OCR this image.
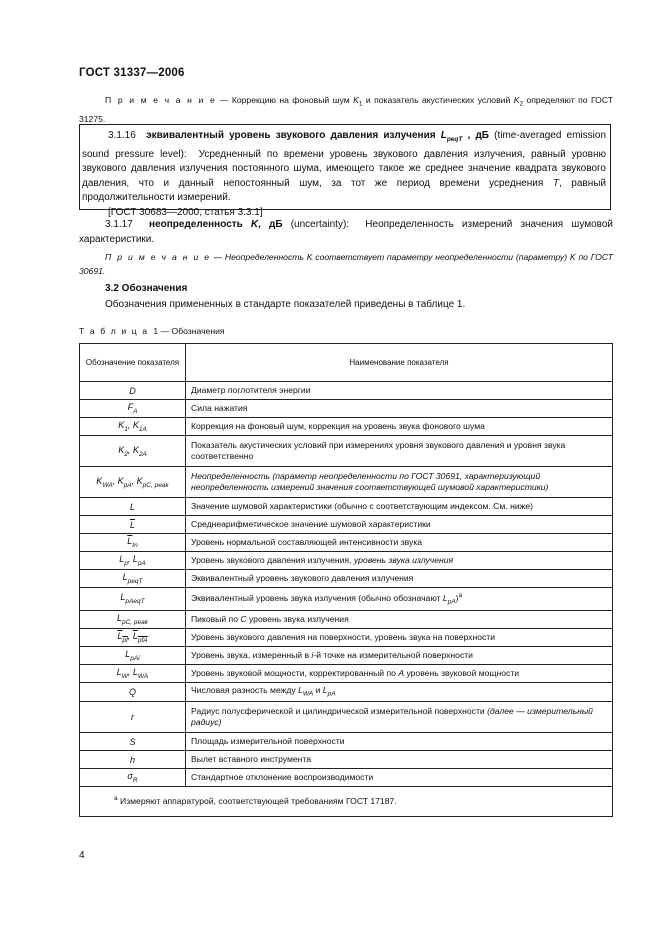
ГОСТ 31337—2006
П р и м е ч а н и е — Коррекцию на фоновый шум $K_1$ и показатель акустических условий $K_2$ определяют по ГОСТ 31275.
3.1.16 эквивалентный уровень звукового давления излучения $L_{peqT}$ , дБ (time-averaged emission sound pressure level):  Усредненный по времени уровень звукового давления излучения, равный уровню звукового давления излучения постоянного шума, имеющего такое же среднее значение квадрата звукового давления, что и данный непостоянный шум, за тот же период времени усреднения T, равный продолжительности измерений.
[ГОСТ 30683—2000, статья 3.3.1]
3.1.17  неопределенность K, дБ (uncertainty):  Неопределенность измерений значения шумовой характеристики.
П р и м е ч а н и е — Неопределенность K соответствует параметру неопределенности (параметру) K по ГОСТ 30691.
3.2 Обозначения
Обозначения примененных в стандарте показателей приведены в таблице 1.
Т а б л и ц а  1 — Обозначения
Обозначение показателя	Наименование показателя
D	Диаметр поглотителя энергии
$F_A$	Сила нажатия
$K_1$, $K_{1A}$	Коррекция на фоновый шум, коррекция на уровень звука фонового шума
$K_2$, $K_{2A}$	Показатель акустических условий при измерениях уровня звукового давления и уровня звука соответственно
$K_{WA}$, $K_{pA}$, $K_{pC, peak}$	Неопределенность (параметр неопределенности по ГОСТ 30691, характеризующий неопределенность измерений значения соответствующей шумовой характеристики)
L	Значение шумовой характеристики (обычно с соответствующим индексом. См. ниже)
$\overline{L}$	Среднеарифметическое значение шумовой характеристики
$\overline{L}_{In}$	Уровень нормальной составляющей интенсивности звука
$L_p$, $L_{pA}$	Уровень звукового давления излучения, уровень звука излучения
$L_{peqT}$	Эквивалентный уровень звукового давления излучения
$L_{pAeqT}$	Эквивалентный уровень звука излучения (обычно обозначают $L_{pA})^a$
$L_{pC, peak}$	Пиковый по C уровень звука излучения
$L_{pf}$, $L_{pfA}$	Уровень звукового давления на поверхности, уровень звука на поверхности
$L_{pAi}$	Уровень звука, измеренный в i-й точке на измерительной поверхности
$L_W$, $L_{WA}$	Уровень звуковой мощности, корректированный по A уровень звуковой мощности
Q	Числовая разность между $L_{WA}$ и $L_{pA}$
r	Радиус полусферической и цилиндрической измерительной поверхности (далее — измерительный радиус)
S	Площадь измерительной поверхности
h	Вылет вставного инструмента
$\sigma_R$	Стандартное отклонение воспроизводимости
$^a$ Измеряют аппаратурой, соответствующей требованиям ГОСТ 17187.	
4
